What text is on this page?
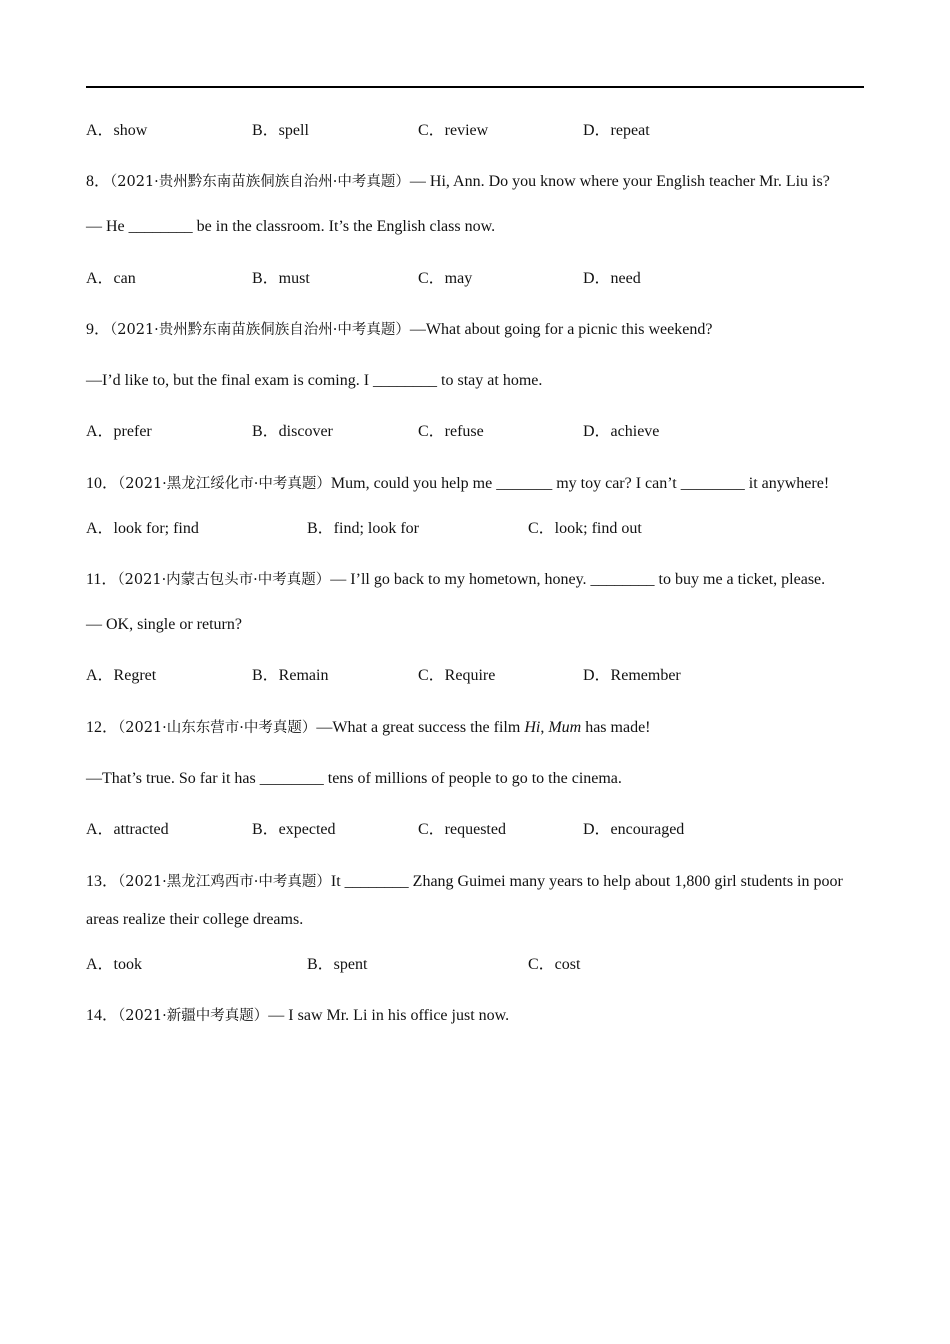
A．show	B．spell	C．review	D．repeat
8．（2021·贵州黔东南苗族侗族自治州·中考真题）— Hi, Ann. Do you know where your English teacher Mr. Liu is?
— He ________ be in the classroom. It’s the English class now.
A．can	B．must	C．may	D．need
9．（2021·贵州黔东南苗族侗族自治州·中考真题）—What about going for a picnic this weekend?
—I’d like to, but the final exam is coming. I ________ to stay at home.
A．prefer	B．discover	C．refuse	D．achieve
10．（2021·黑龙江绥化市·中考真题）Mum, could you help me _______ my toy car? I can’t ________ it anywhere!
A．look for; find	B．find; look for	C．look; find out
11．（2021·内蒙古包头市·中考真题）— I’ll go back to my hometown, honey. ________ to buy me a ticket, please.
— OK, single or return?
A．Regret	B．Remain	C．Require	D．Remember
12．（2021·山东东营市·中考真题）—What a great success the film Hi, Mum has made!
—That’s true. So far it has ________ tens of millions of people to go to the cinema.
A．attracted	B．expected	C．requested	D．encouraged
13．（2021·黑龙江鸡西市·中考真题）It ________ Zhang Guimei many years to help about 1,800 girl students in poor areas realize their college dreams.
A．took	B．spent	C．cost
14．（2021·新疆中考真题）— I saw Mr. Li in his office just now.
